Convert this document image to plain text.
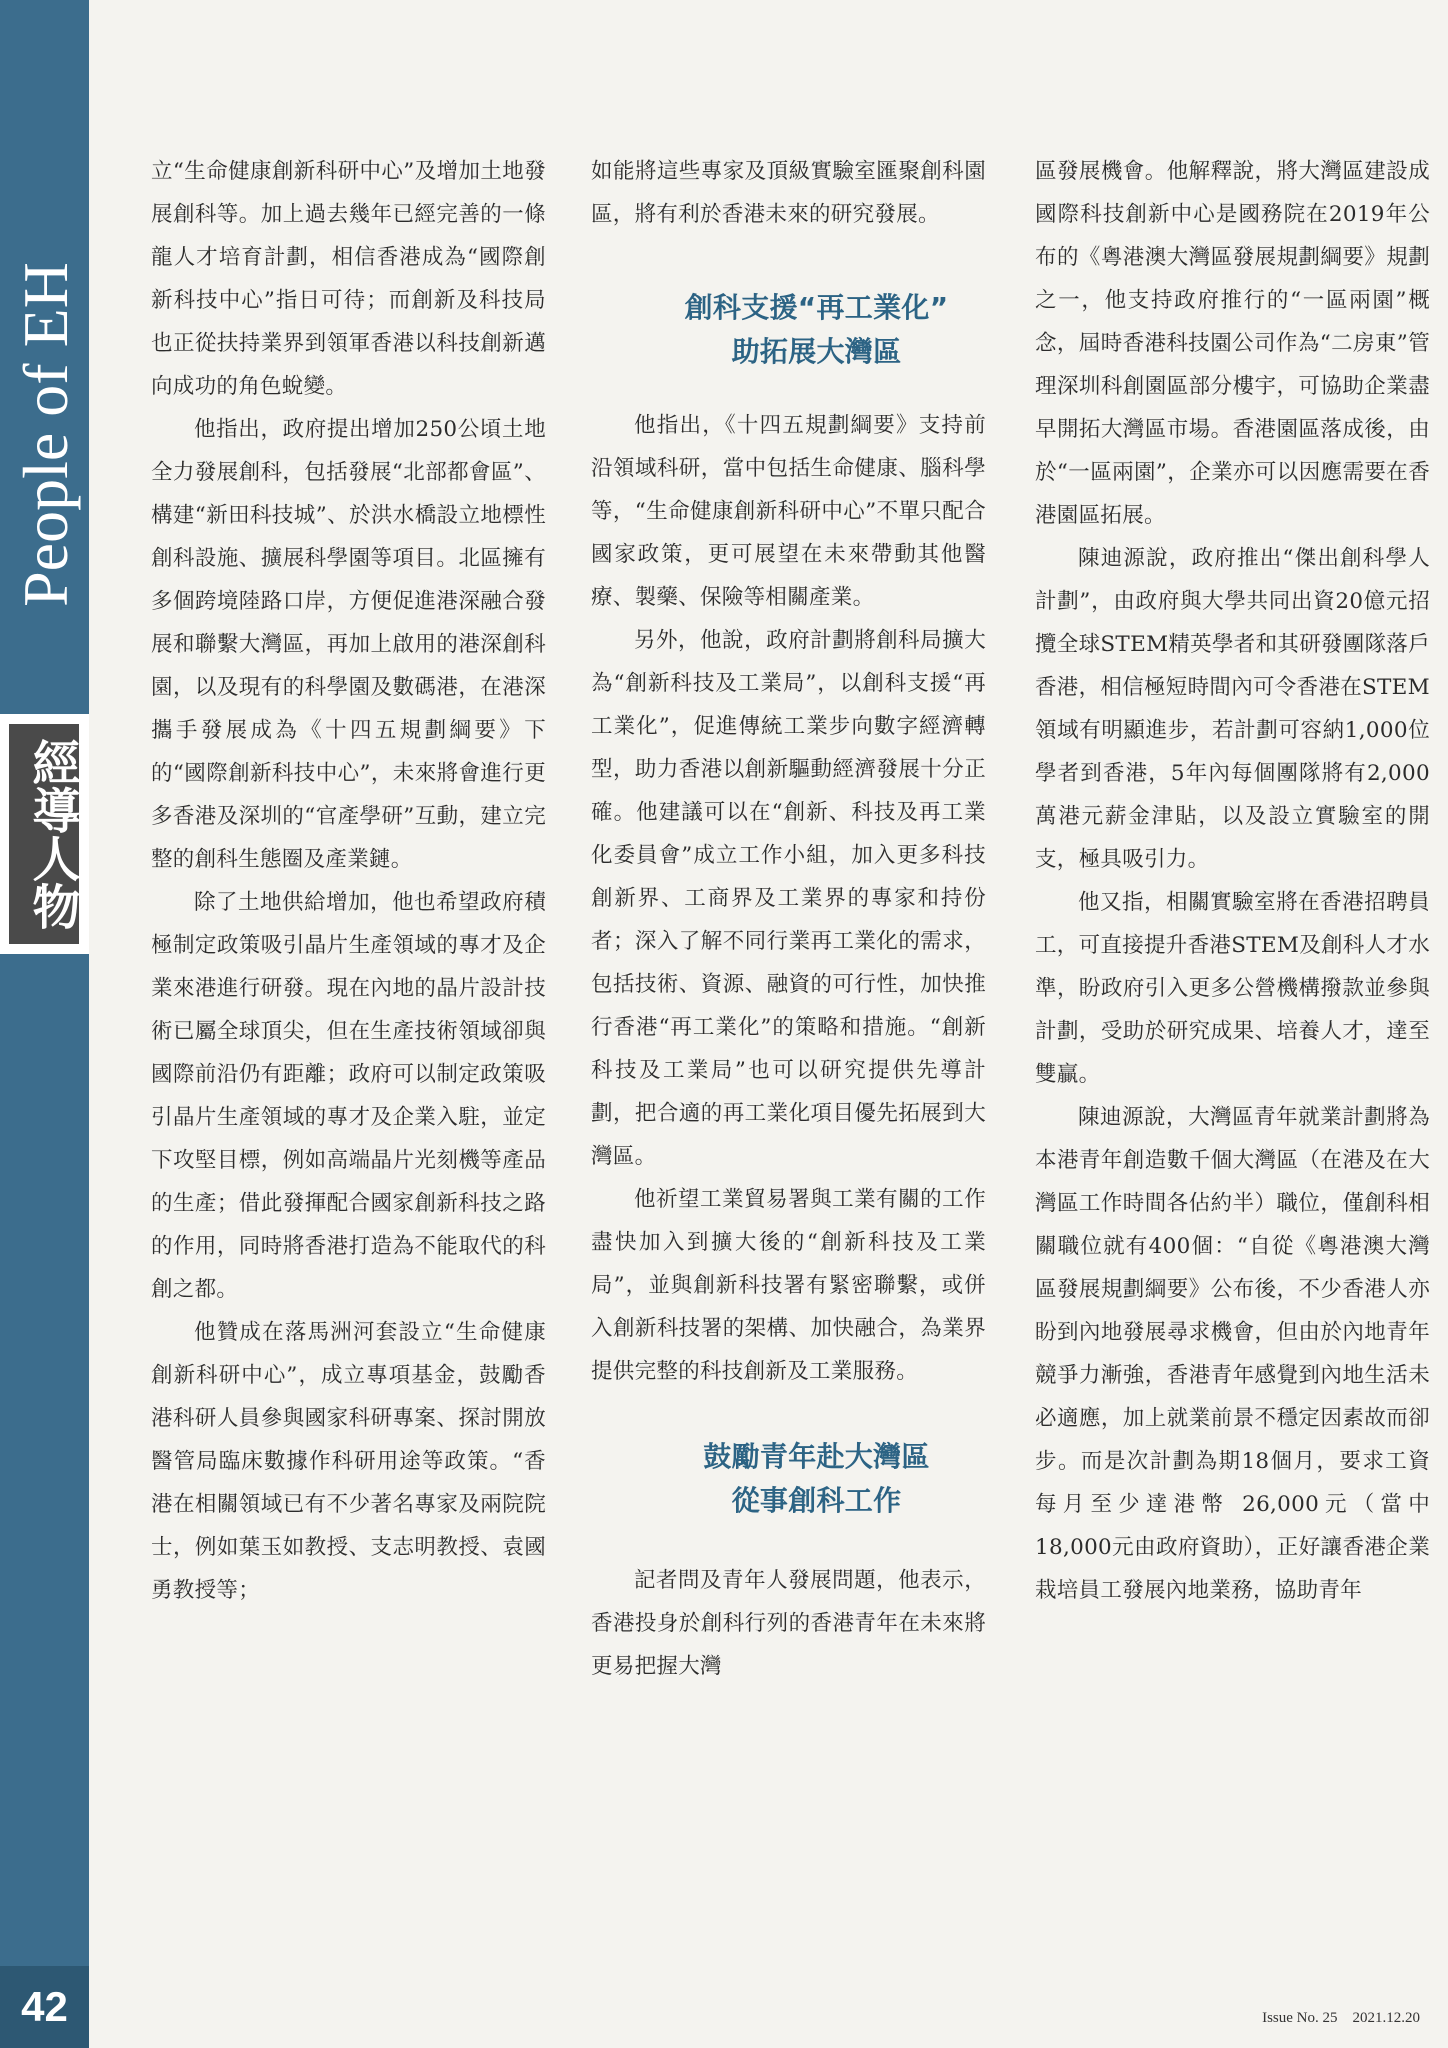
People of EH
經導人物
42

立“生命健康創新科研中心”及增加土地發展創科等。加上過去幾年已經完善的一條龍人才培育計劃，相信香港成為“國際創新科技中心”指日可待；而創新及科技局也正從扶持業界到領軍香港以科技創新邁向成功的角色蛻變。

他指出，政府提出增加250公頃土地全力發展創科，包括發展“北部都會區”、構建“新田科技城”、於洪水橋設立地標性創科設施、擴展科學園等項目。北區擁有多個跨境陸路口岸，方便促進港深融合發展和聯繫大灣區，再加上啟用的港深創科園，以及現有的科學園及數碼港，在港深攜手發展成為《十四五規劃綱要》下的“國際創新科技中心”，未來將會進行更多香港及深圳的“官產學研”互動，建立完整的創科生態圈及產業鏈。

除了土地供給增加，他也希望政府積極制定政策吸引晶片生產領域的專才及企業來港進行研發。現在內地的晶片設計技術已屬全球頂尖，但在生產技術領域卻與國際前沿仍有距離；政府可以制定政策吸引晶片生產領域的專才及企業入駐，並定下攻堅目標，例如高端晶片光刻機等產品的生產；借此發揮配合國家創新科技之路的作用，同時將香港打造為不能取代的科創之都。

他贊成在落馬洲河套設立“生命健康創新科研中心”，成立專項基金，鼓勵香港科研人員參與國家科研專案、探討開放醫管局臨床數據作科研用途等政策。“香港在相關領域已有不少著名專家及兩院院士，例如葉玉如教授、支志明教授、袁國勇教授等；

如能將這些專家及頂級實驗室匯聚創科園區，將有利於香港未來的研究發展。

創科支援“再工業化”

助拓展大灣區

他指出，《十四五規劃綱要》支持前沿領域科研，當中包括生命健康、腦科學等，“生命健康創新科研中心”不單只配合國家政策，更可展望在未來帶動其他醫療、製藥、保險等相關產業。

另外，他說，政府計劃將創科局擴大為“創新科技及工業局”，以創科支援“再工業化”，促進傳統工業步向數字經濟轉型，助力香港以創新驅動經濟發展十分正確。他建議可以在“創新、科技及再工業化委員會”成立工作小組，加入更多科技創新界、工商界及工業界的專家和持份者；深入了解不同行業再工業化的需求，包括技術、資源、融資的可行性，加快推行香港“再工業化”的策略和措施。“創新科技及工業局”也可以研究提供先導計劃，把合適的再工業化項目優先拓展到大灣區。

他祈望工業貿易署與工業有關的工作盡快加入到擴大後的“創新科技及工業局”，並與創新科技署有緊密聯繫，或併入創新科技署的架構、加快融合，為業界提供完整的科技創新及工業服務。

鼓勵青年赴大灣區

從事創科工作

記者問及青年人發展問題，他表示，香港投身於創科行列的香港青年在未來將更易把握大灣

區發展機會。他解釋說，將大灣區建設成國際科技創新中心是國務院在2019年公布的《粵港澳大灣區發展規劃綱要》規劃之一，他支持政府推行的“一區兩園”概念，屆時香港科技園公司作為“二房東”管理深圳科創園區部分樓宇，可協助企業盡早開拓大灣區市場。香港園區落成後，由於“一區兩園”，企業亦可以因應需要在香港園區拓展。

陳迪源說，政府推出“傑出創科學人計劃”，由政府與大學共同出資20億元招攬全球STEM精英學者和其研發團隊落戶香港，相信極短時間內可令香港在STEM領域有明顯進步，若計劃可容納1,000位學者到香港，5年內每個團隊將有2,000萬港元薪金津貼，以及設立實驗室的開支，極具吸引力。

他又指，相關實驗室將在香港招聘員工，可直接提升香港STEM及創科人才水準，盼政府引入更多公營機構撥款並參與計劃，受助於研究成果、培養人才，達至雙贏。

陳迪源說，大灣區青年就業計劃將為本港青年創造數千個大灣區（在港及在大灣區工作時間各佔約半）職位，僅創科相關職位就有400個：“自從《粵港澳大灣區發展規劃綱要》公布後，不少香港人亦盼到內地發展尋求機會，但由於內地青年競爭力漸強，香港青年感覺到內地生活未必適應，加上就業前景不穩定因素故而卻步。而是次計劃為期18個月，要求工資每月至少達港幣 26,000元（當中18,000元由政府資助），正好讓香港企業栽培員工發展內地業務，協助青年

Issue No. 25 2021.12.20
